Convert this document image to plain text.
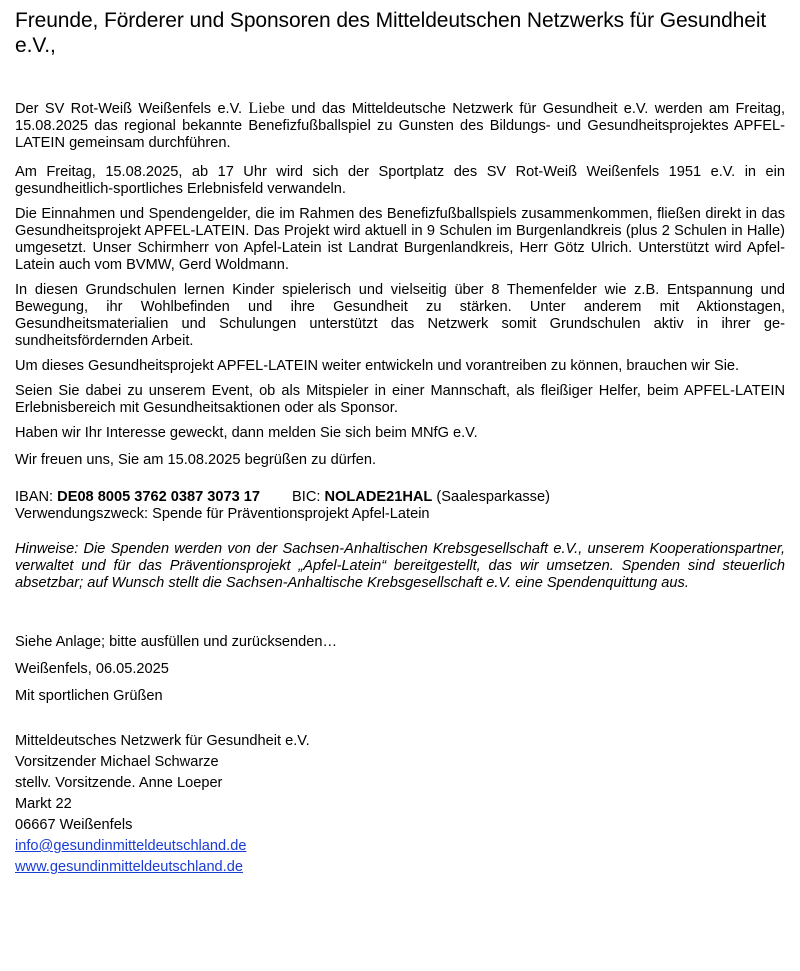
Freunde, Förderer und Sponsoren des Mitteldeutschen Netzwerks für Gesundheit e.V.,

Der SV Rot-Weiß Weißenfels e.V. Liebe und das Mitteldeutsche Netzwerk für Gesundheit e.V. werden am Freitag, 15.08.2025 das regional bekannte Benefizfußballspiel zu Gunsten des Bildungs- und Gesundheitsprojektes APFEL-LATEIN gemeinsam durchführen.

Am Freitag, 15.08.2025, ab 17 Uhr wird sich der Sportplatz des SV Rot-Weiß Weißenfels 1951 e.V. in ein gesundheitlich-sportliches Erlebnisfeld verwandeln.

Die Einnahmen und Spendengelder, die im Rahmen des Benefizfußballspiels zusammenkommen, fließen direkt in das Gesundheitsprojekt APFEL-LATEIN. Das Projekt wird aktuell in 9 Schulen im Burgenlandkreis (plus 2 Schulen in Halle) umgesetzt. Unser Schirmherr von Apfel-Latein ist Landrat Burgenlandkreis, Herr Götz Ulrich. Unterstützt wird Apfel-Latein auch vom BVMW, Gerd Woldmann.

In diesen Grundschulen lernen Kinder spielerisch und vielseitig über 8 Themenfelder wie z.B. Entspannung und Bewegung, ihr Wohlbefinden und ihre Gesundheit zu stärken. Unter anderem mit Aktionstagen, Gesundheitsmaterialien und Schulungen unterstützt das Netzwerk somit Grundschulen aktiv in ihrer gesundheitsfördernden Arbeit.

Um dieses Gesundheitsprojekt APFEL-LATEIN weiter entwickeln und vorantreiben zu können, brauchen wir Sie.

Seien Sie dabei zu unserem Event, ob als Mitspieler in einer Mannschaft, als fleißiger Helfer, beim APFEL-LATEIN Erlebnisbereich mit Gesundheitsaktionen oder als Sponsor.

Haben wir Ihr Interesse geweckt, dann melden Sie sich beim MNfG e.V.

Wir freuen uns, Sie am 15.08.2025 begrüßen zu dürfen.

IBAN: DE08 8005 3762 0387 3073 17 BIC: NOLADE21HAL (Saalesparkasse)
Verwendungszweck: Spende für Präventionsprojekt Apfel-Latein

Hinweise: Die Spenden werden von der Sachsen-Anhaltischen Krebsgesellschaft e.V., unserem Kooperationspartner, verwaltet und für das Präventionsprojekt „Apfel-Latein“ bereitgestellt, das wir umsetzen. Spenden sind steuerlich absetzbar; auf Wunsch stellt die Sachsen-Anhaltische Krebsgesellschaft e.V. eine Spendenquittung aus.

Siehe Anlage; bitte ausfüllen und zurücksenden…

Weißenfels, 06.05.2025

Mit sportlichen Grüßen

Mitteldeutsches Netzwerk für Gesundheit e.V.

Vorsitzender Michael Schwarze

stellv. Vorsitzende. Anne Loeper

Markt 22

06667 Weißenfels

info@gesundinmitteldeutschland.de

www.gesundinmitteldeutschland.de
